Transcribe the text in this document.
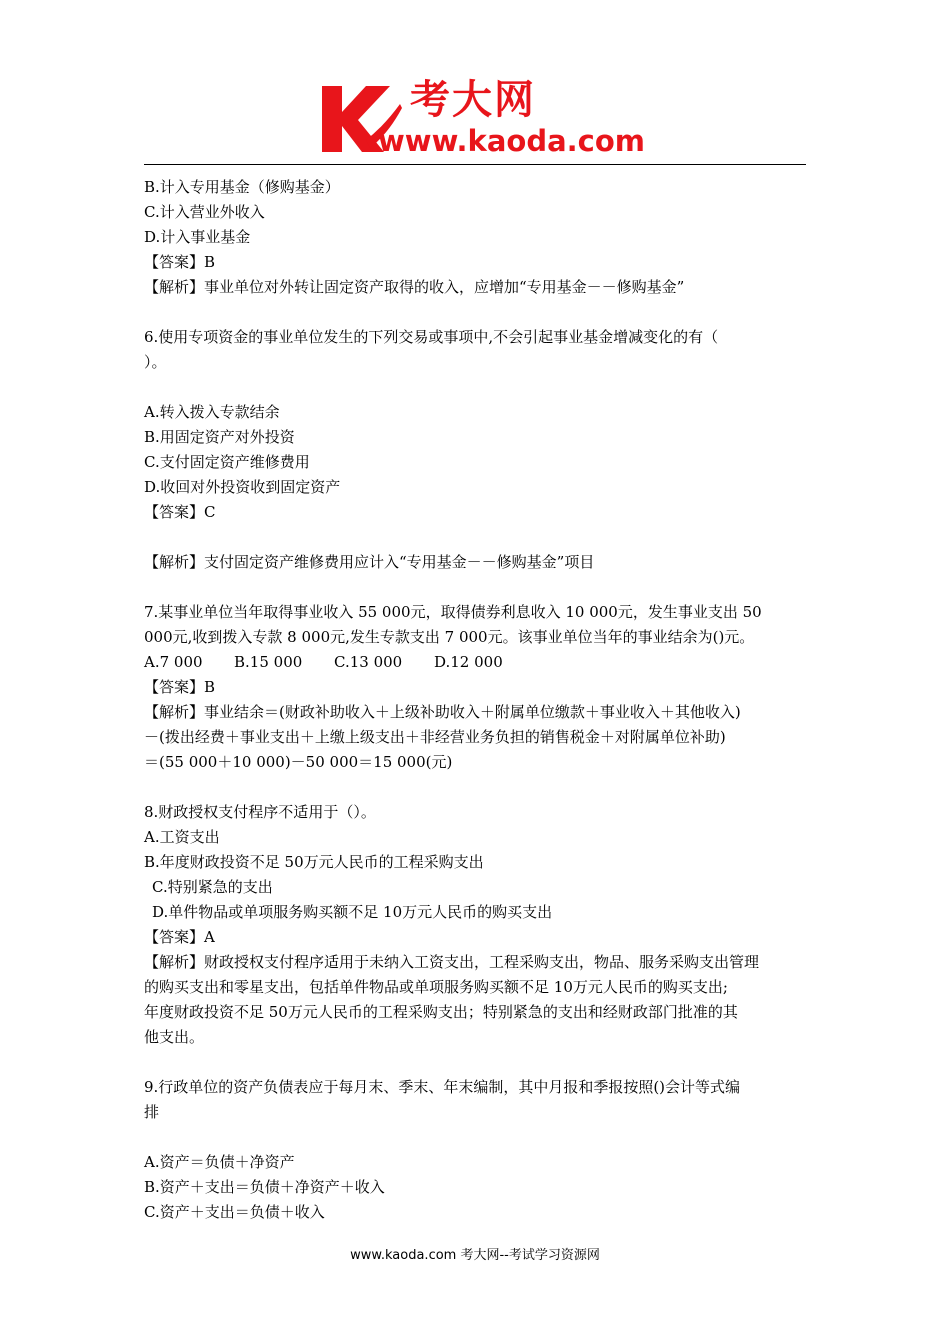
考大网
www.kaoda.com
B.计入专用基金（修购基金）
C.计入营业外收入
D.计入事业基金
【答案】B
【解析】事业单位对外转让固定资产取得的收入，应增加“专用基金－－修购基金”
6.使用专项资金的事业单位发生的下列交易或事项中,不会引起事业基金增减变化的有（
）。
A.转入拨入专款结余
B.用固定资产对外投资
C.支付固定资产维修费用
D.收回对外投资收到固定资产
【答案】C
【解析】支付固定资产维修费用应计入“专用基金－－修购基金”项目
7.某事业单位当年取得事业收入 55 000元，取得债券利息收入 10 000元，发生事业支出 50
000元,收到拨入专款 8 000元,发生专款支出 7 000元。该事业单位当年的事业结余为()元。
A.7 000 B.15 000 C.13 000 D.12 000
【答案】B
【解析】事业结余＝(财政补助收入＋上级补助收入＋附属单位缴款＋事业收入＋其他收入)
－(拨出经费＋事业支出＋上缴上级支出＋非经营业务负担的销售税金＋对附属单位补助)
＝(55 000＋10 000)－50 000＝15 000(元)
8.财政授权支付程序不适用于（）。
A.工资支出
B.年度财政投资不足 50万元人民币的工程采购支出
C.特别紧急的支出
D.单件物品或单项服务购买额不足 10万元人民币的购买支出
【答案】A
【解析】财政授权支付程序适用于未纳入工资支出，工程采购支出，物品、服务采购支出管理
的购买支出和零星支出，包括单件物品或单项服务购买额不足 10万元人民币的购买支出;
年度财政投资不足 50万元人民币的工程采购支出；特别紧急的支出和经财政部门批准的其
他支出。
9.行政单位的资产负债表应于每月末、季末、年末编制，其中月报和季报按照()会计等式编
排
A.资产＝负债＋净资产
B.资产＋支出＝负债＋净资产＋收入
C.资产＋支出＝负债＋收入
www.kaoda.com 考大网--考试学习资源网
